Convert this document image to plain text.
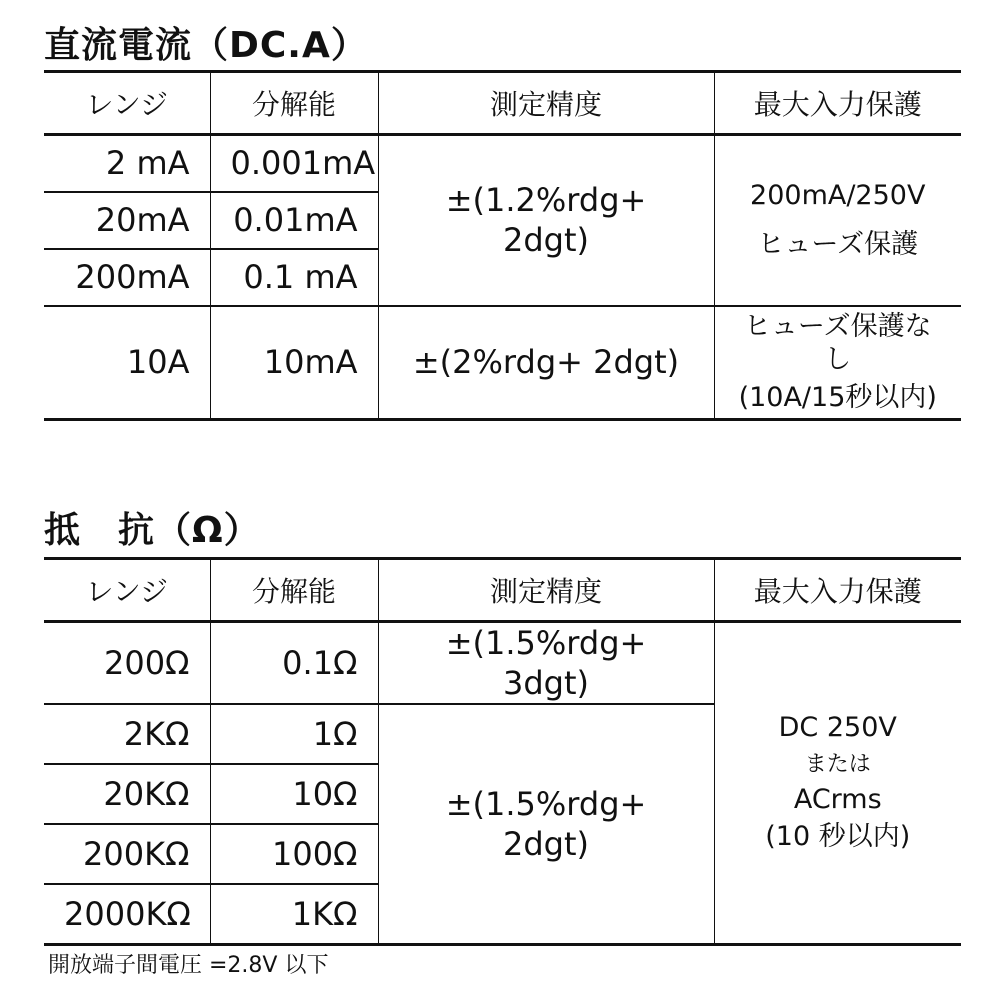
直流電流（DC.A）
レンジ	分解能	測定精度	最大入力保護
2 mA	0.001mA	±(1.2%rdg+ 2dgt)	200mA/250V
ヒューズ保護

20mA	0.01mA		
200mA	0.1 mA		
10A	10mA	±(2%rdg+ 2dgt)	ヒューズ保護なし
(10A/15秒以内)
抵　抗（Ω）
レンジ	分解能	測定精度	最大入力保護
200Ω	0.1Ω	±(1.5%rdg+ 3dgt)	DC 250V
または
ACrms
(10 秒以内)

2KΩ	1Ω	±(1.5%rdg+ 2dgt)	
20KΩ	10Ω		
200KΩ	100Ω		
2000KΩ	1KΩ		
開放端子間電圧 =2.8V 以下
